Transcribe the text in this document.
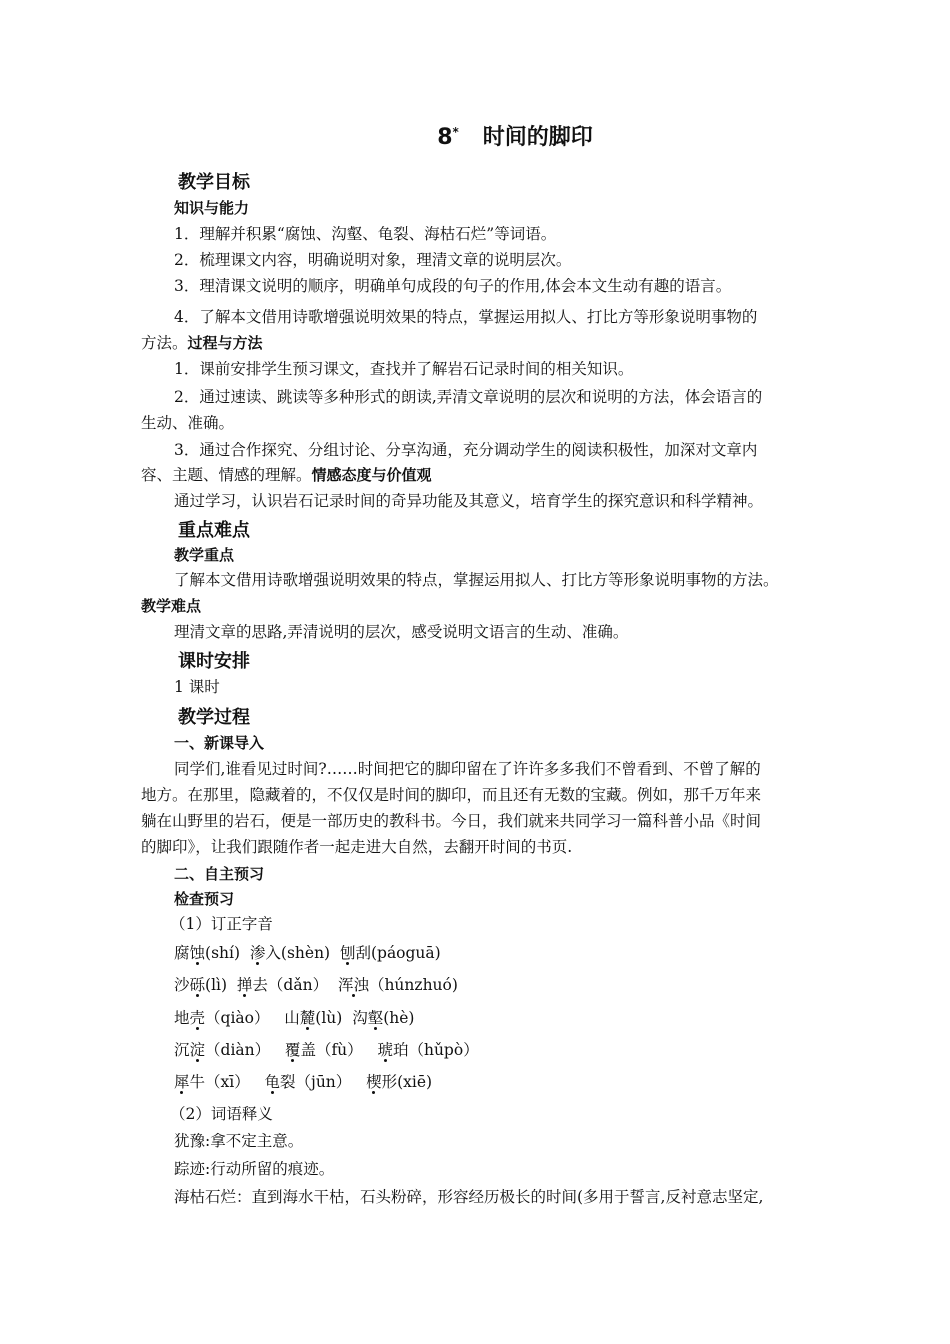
8* 时间的脚印
教学目标
知识与能力
1．理解并积累“腐蚀、沟壑、龟裂、海枯石烂”等词语。
2．梳理课文内容，明确说明对象，理清文章的说明层次。
3．理清课文说明的顺序，明确单句成段的句子的作用,体会本文生动有趣的语言。
4．了解本文借用诗歌增强说明效果的特点，掌握运用拟人、打比方等形象说明事物的
方法。过程与方法
1．课前安排学生预习课文，查找并了解岩石记录时间的相关知识。
2．通过速读、跳读等多种形式的朗读,弄清文章说明的层次和说明的方法，体会语言的
生动、准确。
3．通过合作探究、分组讨论、分享沟通，充分调动学生的阅读积极性，加深对文章内
容、主题、情感的理解。情感态度与价值观
通过学习，认识岩石记录时间的奇异功能及其意义，培育学生的探究意识和科学精神。
重点难点
教学重点
了解本文借用诗歌增强说明效果的特点，掌握运用拟人、打比方等形象说明事物的方法。
教学难点
理清文章的思路,弄清说明的层次，感受说明文语言的生动、准确。
课时安排
1 课时
教学过程
一、新课导入
同学们,谁看见过时间?……时间把它的脚印留在了许许多多我们不曾看到、不曾了解的
地方。在那里，隐藏着的，不仅仅是时间的脚印，而且还有无数的宝藏。例如，那千万年来
躺在山野里的岩石，便是一部历史的教科书。今日，我们就来共同学习一篇科普小品《时间
的脚印》，让我们跟随作者一起走进大自然，去翻开时间的书页.
二、自主预习
检查预习
（1）订正字音
腐蚀(shí) 渗入(shèn) 刨刮(páoguā)
沙砾(lì) 掸去（dǎn） 浑浊（húnzhuó)
地壳（qiào） 山麓(lù) 沟壑(hè)
沉淀（diàn） 覆盖（fù） 琥珀（hǔpò）
犀牛（xī） 龟裂（jūn） 楔形(xiē)
（2）词语释义
犹豫:拿不定主意。
踪迹:行动所留的痕迹。
海枯石烂：直到海水干枯，石头粉碎，形容经历极长的时间(多用于誓言,反衬意志坚定,
